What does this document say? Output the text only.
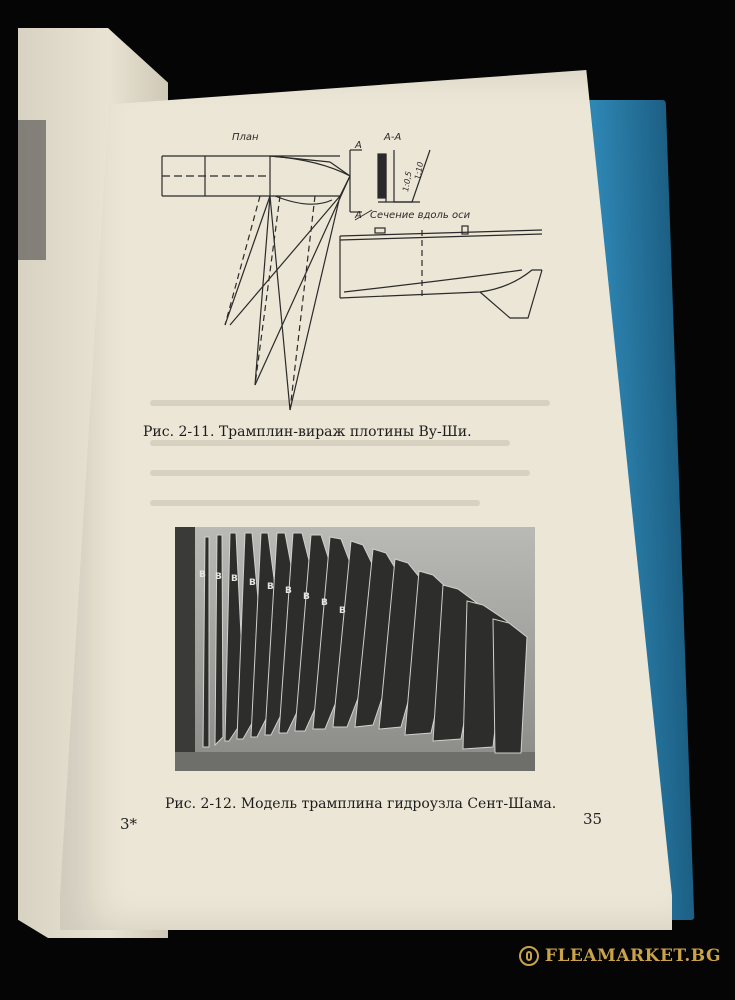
План	А-А
А
А
1:0,5 1:10
Сечение вдоль оси
Рис. 2-11. Трамплин-вираж плотины Ву-Ши.
В В В В В В
В
В
В
Рис. 2-12. Модель трамплина гидроузла Сент-Шама.
3*	35
FLEAMARKET.BG
